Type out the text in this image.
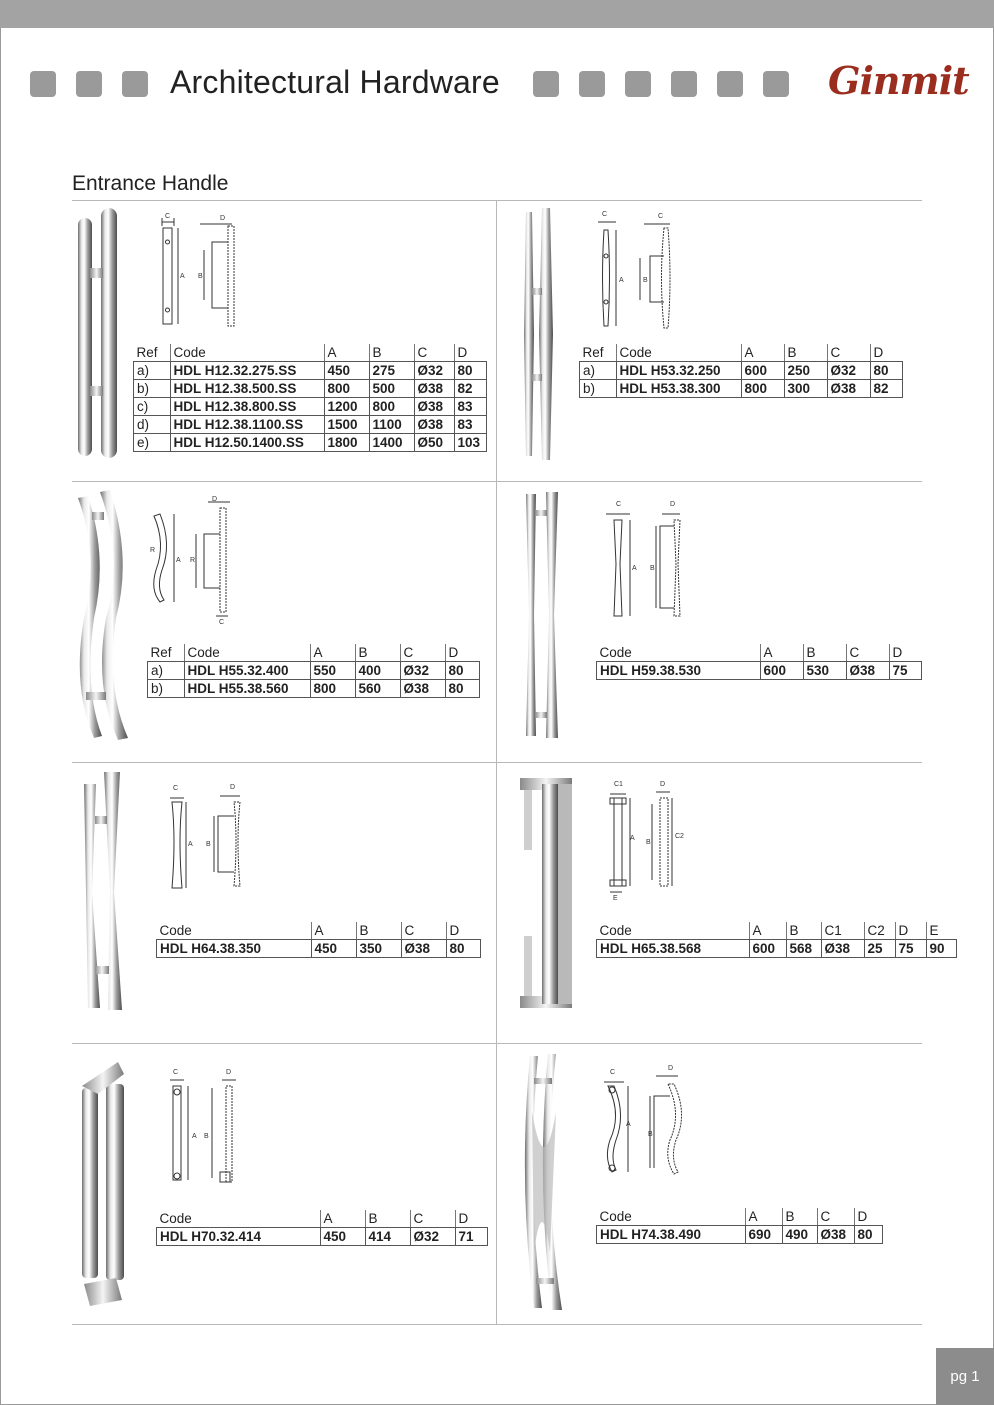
Architectural Hardware	Ginmit
Entrance Handle
C
A B
D
Ref	Code	A	B	C	D
a)	HDL H12.32.275.SS	450	275	Ø32	80
b)	HDL H12.38.500.SS	800	500	Ø38	82
c)	HDL H12.38.800.SS	1200	800	Ø38	83
d)	HDL H12.38.1100.SS	1500	1100	Ø38	83
e)	HDL H12.50.1400.SS	1800	1400	Ø50	103
C
A	B
C
Ref	Code	A	B	C	D
a)	HDL H53.32.250	600	250	Ø32	80
b)	HDL H53.38.300	800	300	Ø38	82
R
A R
D
C
Ref	Code	A	B	C	D
a)	HDL H55.32.400	550	400	Ø32	80
b)	HDL H55.38.560	800	560	Ø38	80
C
A B
D
Code	A	B	C	D
HDL H59.38.530	600	530	Ø38	75
C
A B
D
Code	A	B	C	D
HDL H64.38.350	450	350	Ø38	80
C1
A
B
D
C2
E
Code	A	B	C1	C2	D	E
HDL H65.38.568	600	568	Ø38	25	75	90
C
A B
D
Code	A	B	C	D
HDL H70.32.414	450	414	Ø32	71
C
A
B
D
Code	A	B	C	D
HDL H74.38.490	690	490	Ø38	80
pg 1
